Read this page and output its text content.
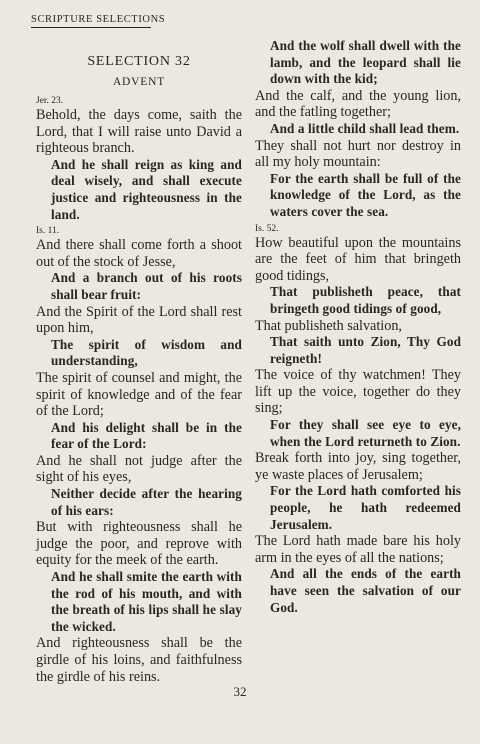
SCRIPTURE SELECTIONS
SELECTION 32
ADVENT
Jer. 23.
Behold, the days come, saith the Lord, that I will raise unto David a righteous branch.
And he shall reign as king and deal wisely, and shall execute justice and righteousness in the land.
Is. 11.
And there shall come forth a shoot out of the stock of Jesse,
And a branch out of his roots shall bear fruit:
And the Spirit of the Lord shall rest upon him,
The spirit of wisdom and understanding,
The spirit of counsel and might, the spirit of knowledge and of the fear of the Lord;
And his delight shall be in the fear of the Lord:
And he shall not judge after the sight of his eyes,
Neither decide after the hearing of his ears:
But with righteousness shall he judge the poor, and reprove with equity for the meek of the earth.
And he shall smite the earth with the rod of his mouth, and with the breath of his lips shall he slay the wicked.
And righteousness shall be the girdle of his loins, and faithfulness the girdle of his reins.
And the wolf shall dwell with the lamb, and the leopard shall lie down with the kid;
And the calf, and the young lion, and the fatling together;
And a little child shall lead them.
They shall not hurt nor destroy in all my holy mountain:
For the earth shall be full of the knowledge of the Lord, as the waters cover the sea.
Is. 52.
How beautiful upon the mountains are the feet of him that bringeth good tidings,
That publisheth peace, that bringeth good tidings of good,
That publisheth salvation,
That saith unto Zion, Thy God reigneth!
The voice of thy watchmen! They lift up the voice, together do they sing;
For they shall see eye to eye, when the Lord returneth to Zion.
Break forth into joy, sing together, ye waste places of Jerusalem;
For the Lord hath comforted his people, he hath redeemed Jerusalem.
The Lord hath made bare his holy arm in the eyes of all the nations;
And all the ends of the earth have seen the salvation of our God.
32
